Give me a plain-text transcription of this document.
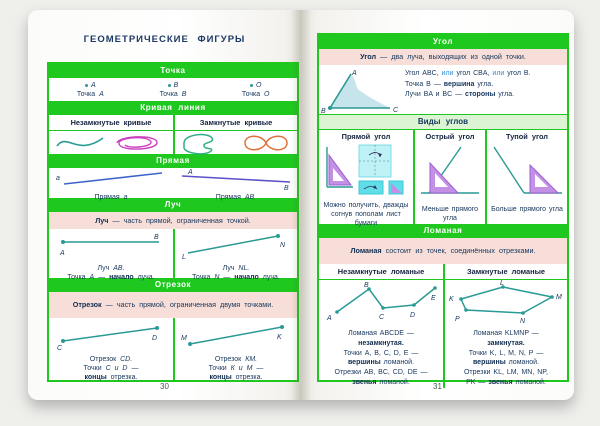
ГЕОМЕТРИЧЕСКИЕ ФИГУРЫ
Точка
A
Точка A
B
Точка B
O
Точка O
Кривая линия
Незамкнутые кривые	Замкнутые кривые
Прямая
a
Прямая a
A
B
Прямая AB
Луч
Луч — часть прямой, ограниченная точкой.
A
B
Луч AB.
Точка A — начало луча.
L
N
Луч NL.
Точка N — начало луча.
Отрезок
Отрезок — часть прямой, ограниченная двумя точками.
C
D
Отрезок CD.
Точки C и D —
концы отрезка.
M	K
Отрезок КМ.
Точки К и М —
концы отрезка.
30
Угол
Угол — два луча, выходящих из одной точки.
A
B	C
Угол ABC, или угол CBA, или угол B.
Точка B — вершина угла.
Лучи BA и BC — стороны угла.
Виды углов
Прямой угол
Можно получить, дважды согнув пополам лист бумаги
Острый угол
Меньше прямого угла
Тупой угол
Больше прямого угла
Ломаная
Ломаная состоит из точек, соединённых отрезками.
Незамкнутые ломаные
A
B
C	D
E
Ломаная ABCDE —
незамкнутая.
Точки A, B, C, D, E —
вершины ломаной.
Отрезки AB, BC, CD, DE —
звенья ломаной.
Замкнутые ломаные
K
L
M
N
P
Ломаная KLMNP —
замкнутая.
Точки K, L, M, N, P —
вершины ломаной.
Отрезки KL, LM, MN, NP,
PK — звенья ломаной.
31
